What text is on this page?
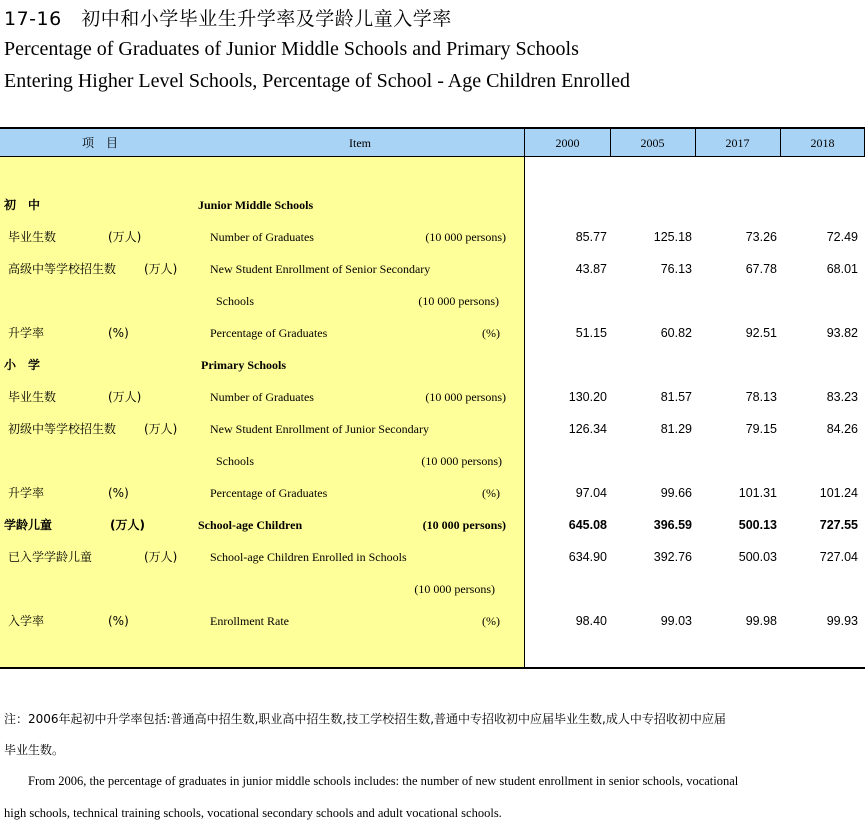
17-16　初中和小学毕业生升学率及学龄儿童入学率
Percentage of Graduates of Junior Middle Schools and Primary Schools
Entering Higher Level Schools, Percentage of School - Age Children Enrolled
项　目	Item	2000	2005	2017	2018
初　中	Junior Middle Schools
毕业生数	(万人)	Number of Graduates	(10 000 persons)	85.77	125.18	73.26	72.49
高级中等学校招生数 (万人)	New Student Enrollment of Senior Secondary	43.87	76.13	67.78	68.01
Schools	(10 000 persons)
升学率	(%)	Percentage of Graduates	(%)	51.15	60.82	92.51	93.82
小　学	Primary Schools
毕业生数	(万人)	Number of Graduates	(10 000 persons)	130.20	81.57	78.13	83.23
初级中等学校招生数 (万人)	New Student Enrollment of Junior Secondary	126.34	81.29	79.15	84.26
Schools	(10 000 persons)
升学率	(%)	Percentage of Graduates	(%)	97.04	99.66	101.31	101.24
学龄儿童	(万人)	School-age Children	(10 000 persons)	645.08	396.59	500.13	727.55
已入学学龄儿童	(万人)	School-age Children Enrolled in Schools	634.90	392.76	500.03	727.04
(10 000 persons)
入学率	(%)	Enrollment Rate	(%)	98.40	99.03	99.98	99.93
注：2006年起初中升学率包括:普通高中招生数,职业高中招生数,技工学校招生数,普通中专招收初中应届毕业生数,成人中专招收初中应届
毕业生数。
From 2006, the percentage of graduates in junior middle schools includes: the number of new student enrollment in senior schools, vocational
high schools, technical training schools, vocational secondary schools and adult vocational schools.
